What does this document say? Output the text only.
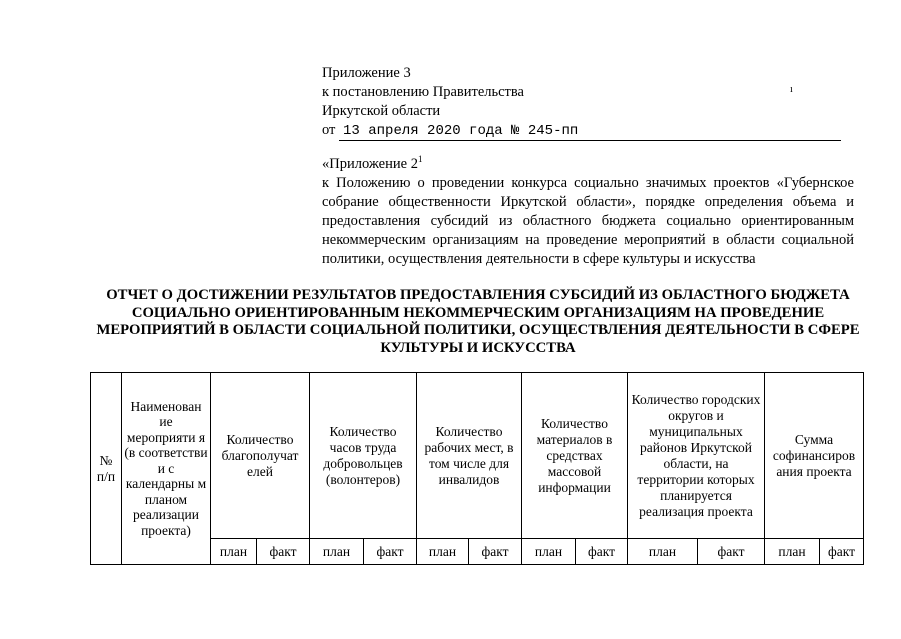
Приложение 3
к постановлению Правительства
Иркутской области
от 13 апреля 2020 года № 245-пп
ı
«Приложение $2^1$
к Положению о проведении конкурса социально значимых проектов «Губернское собрание общественности Иркутской области», порядке определения объема и предоставления субсидий из областного бюджета социально ориентированным некоммерческим организациям на проведение мероприятий в области социальной политики, осуществления деятельности в сфере культуры и искусства
ОТЧЕТ О ДОСТИЖЕНИИ РЕЗУЛЬТАТОВ ПРЕДОСТАВЛЕНИЯ СУБСИДИЙ ИЗ ОБЛАСТНОГО БЮДЖЕТА СОЦИАЛЬНО ОРИЕНТИРОВАННЫМ НЕКОММЕРЧЕСКИМ ОРГАНИЗАЦИЯМ НА ПРОВЕДЕНИЕ МЕРОПРИЯТИЙ В ОБЛАСТИ СОЦИАЛЬНОЙ ПОЛИТИКИ, ОСУЩЕСТВЛЕНИЯ ДЕЯТЕЛЬНОСТИ В СФЕРЕ КУЛЬТУРЫ И ИСКУССТВА
№ п/п	Наименован ие мероприяти я (в соответстви и с календарны м планом реализации проекта)	Количество благополучат елей		Количество часов труда добровольцев (волонтеров)		Количество рабочих мест, в том числе для инвалидов		Количество материалов в средствах массовой информации		Количество городских округов и муниципальных районов Иркутской области, на территории которых планируется реализация проекта		Сумма софинансиров ания проекта	
		план	факт	план	факт	план	факт	план	факт	план	факт	план	факт
